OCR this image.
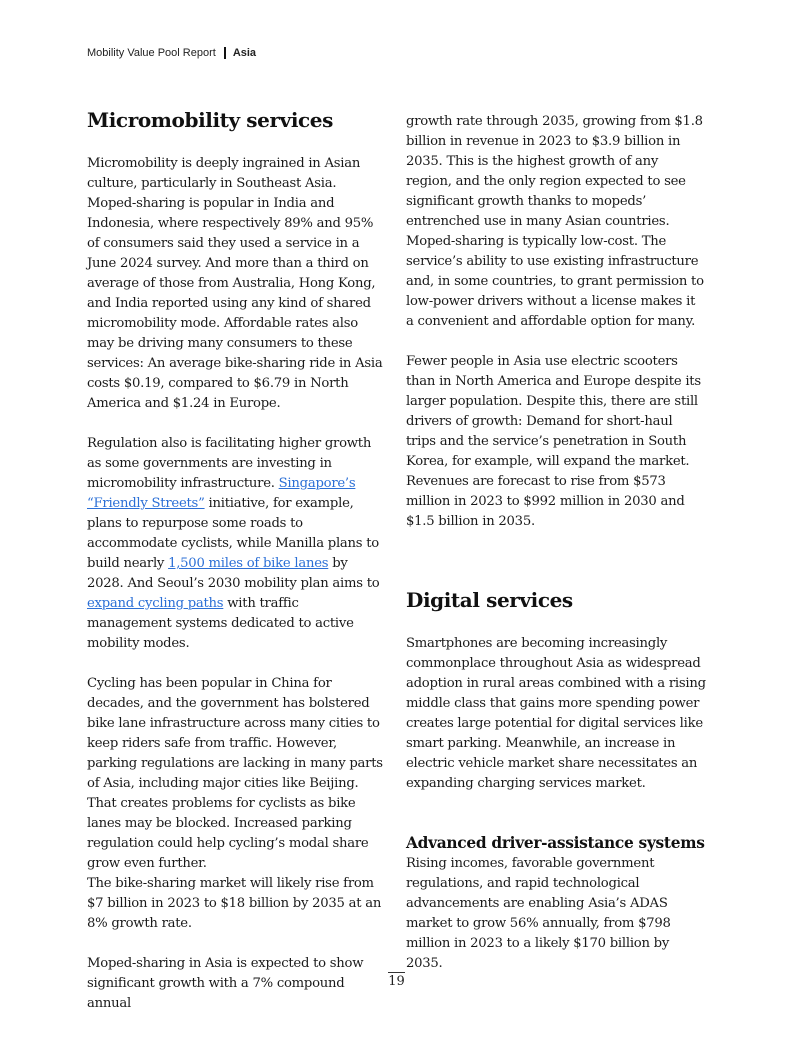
Mobility Value Pool Report Asia
Micromobility services

Micromobility is deeply ingrained in Asian culture, particularly in Southeast Asia. Moped-sharing is popular in India and Indonesia, where respectively 89% and 95% of consumers said they used a service in a June 2024 survey. And more than a third on average of those from Australia, Hong Kong, and India reported using any kind of shared micromobility mode. Affordable rates also may be driving many consumers to these services: An average bike-sharing ride in Asia costs $0.19, compared to $6.79 in North America and $1.24 in Europe.

Regulation also is facilitating higher growth as some governments are investing in micromobility infrastructure. Singapore’s “Friendly Streets” initiative, for example, plans to repurpose some roads to accommodate cyclists, while Manilla plans to build nearly 1,500 miles of bike lanes by 2028. And Seoul’s 2030 mobility plan aims to expand cycling paths with traffic management systems dedicated to active mobility modes.

Cycling has been popular in China for decades, and the government has bolstered bike lane infrastructure across many cities to keep riders safe from traffic. However, parking regulations are lacking in many parts of Asia, including major cities like Beijing. That creates problems for cyclists as bike lanes may be blocked. Increased parking regulation could help cycling’s modal share grow even further.

The bike-sharing market will likely rise from $7 billion in 2023 to $18 billion by 2035 at an 8% growth rate.

Moped-sharing in Asia is expected to show significant growth with a 7% compound annual

growth rate through 2035, growing from $1.8 billion in revenue in 2023 to $3.9 billion in 2035. This is the highest growth of any region, and the only region expected to see significant growth thanks to mopeds’ entrenched use in many Asian countries. Moped-sharing is typically low-cost. The service’s ability to use existing infrastructure and, in some countries, to grant permission to low-power drivers without a license makes it a convenient and affordable option for many.

Fewer people in Asia use electric scooters than in North America and Europe despite its larger population. Despite this, there are still drivers of growth: Demand for short-haul trips and the service’s penetration in South Korea, for example, will expand the market. Revenues are forecast to rise from $573 million in 2023 to $992 million in 2030 and $1.5 billion in 2035.

Digital services

Smartphones are becoming increasingly commonplace throughout Asia as widespread adoption in rural areas combined with a rising middle class that gains more spending power creates large potential for digital services like smart parking. Meanwhile, an increase in electric vehicle market share necessitates an expanding charging services market.

Advanced driver-assistance systems

Rising incomes, favorable government regulations, and rapid technological advancements are enabling Asia’s ADAS market to grow 56% annually, from $798 million in 2023 to a likely $170 billion by 2035.

19
